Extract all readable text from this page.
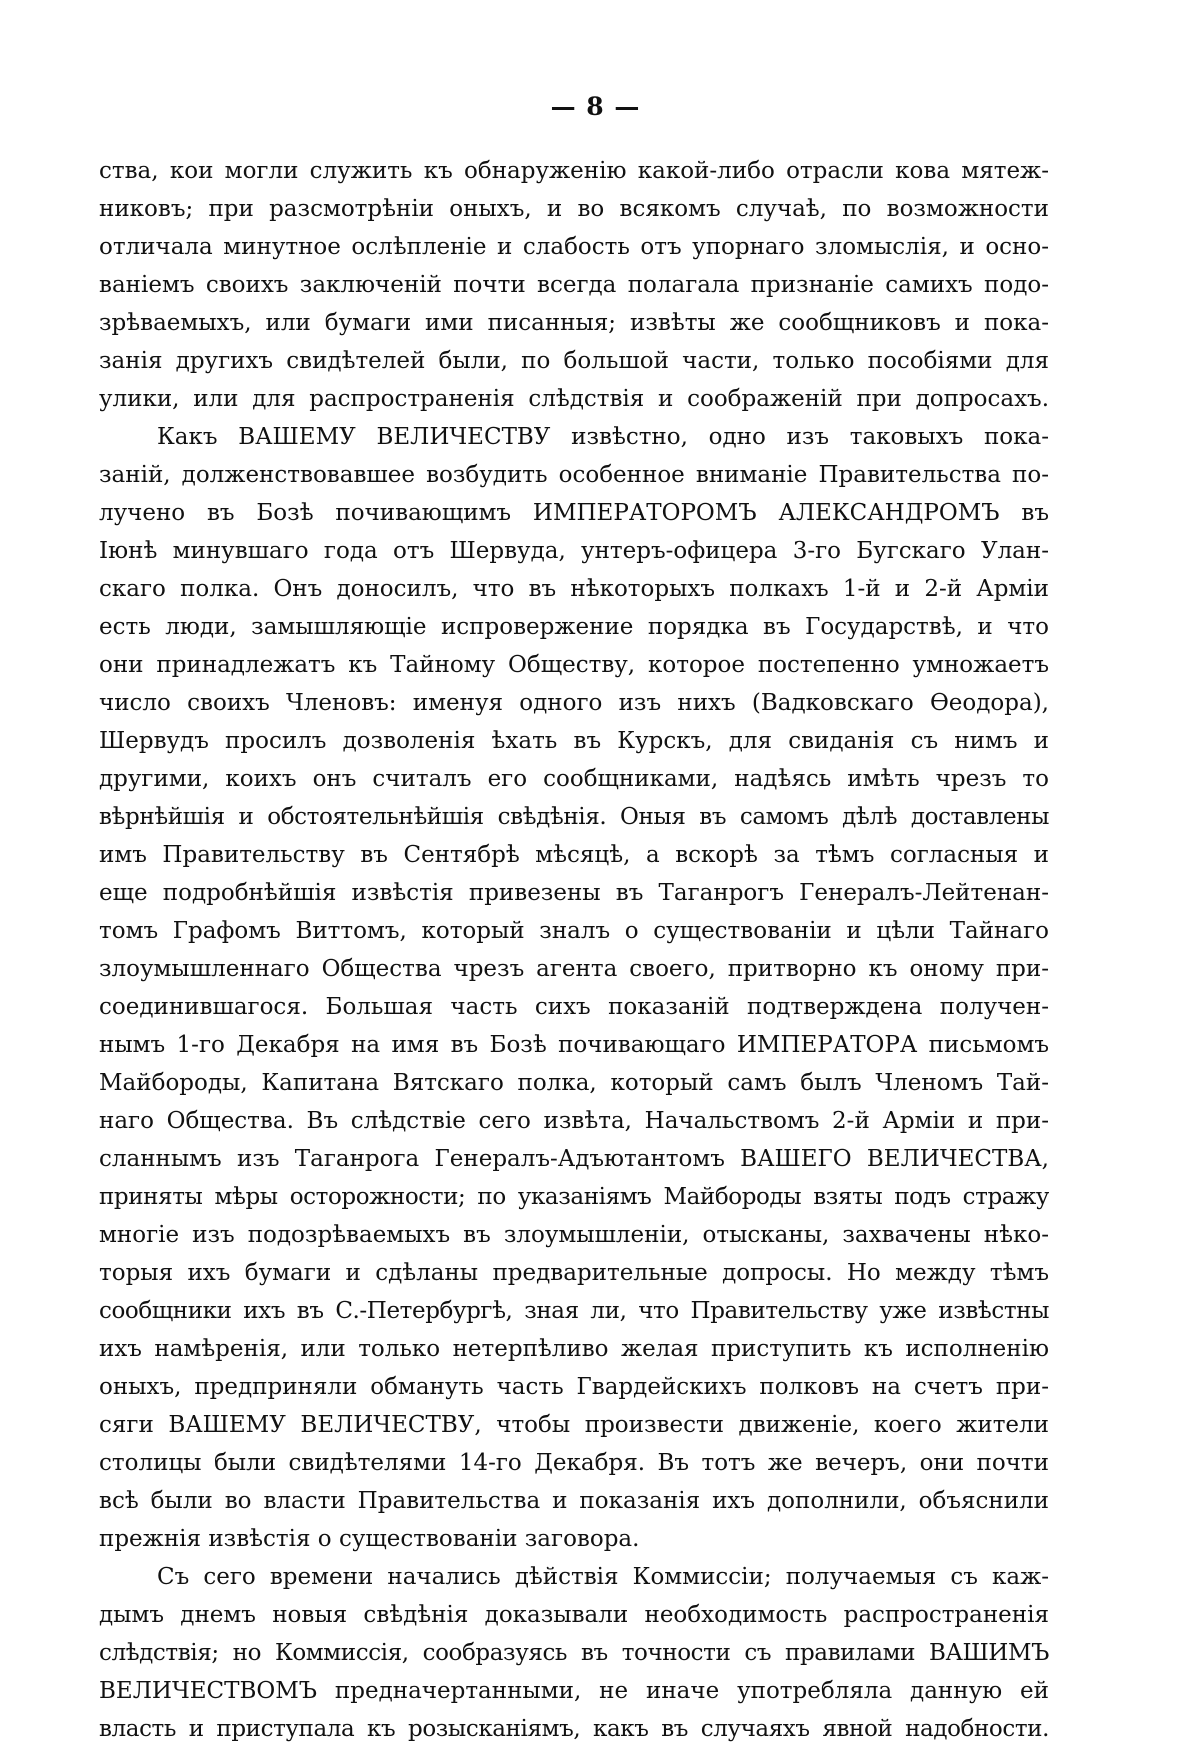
— 8 —
ства, кои могли служить къ обнаруженію какой-либо отрасли кова мятеж-
никовъ; при разсмотрѣніи оныхъ, и во всякомъ случаѣ, по возможности
отличала минутное ослѣпленіе и слабость отъ упорнаго зломыслія, и осно-
ваніемъ своихъ заключеній почти всегда полагала признаніе самихъ подо-
зрѣваемыхъ, или бумаги ими писанныя; извѣты же сообщниковъ и пока-
занія другихъ свидѣтелей были, по большой части, только пособіями для
улики, или для распространенія слѣдствія и соображеній при допросахъ.
Какъ ВАШЕМУ ВЕЛИЧЕСТВУ извѣстно, одно изъ таковыхъ пока-
заній, долженствовавшее возбудить особенное вниманіе Правительства по-
лучено въ Бозѣ почивающимъ ИМПЕРАТОРОМЪ АЛЕКСАНДРОМЪ въ
Іюнѣ минувшаго года отъ Шервуда, унтеръ-офицера 3-го Бугскаго Улан-
скаго полка. Онъ доносилъ, что въ нѣкоторыхъ полкахъ 1-й и 2-й Арміи
есть люди, замышляющіе испровержение порядка въ Государствѣ, и что
они принадлежатъ къ Тайному Обществу, которое постепенно умножаетъ
число своихъ Членовъ: именуя одного изъ нихъ (Вадковскаго Ѳеодора),
Шервудъ просилъ дозволенія ѣхать въ Курскъ, для свиданія съ нимъ и
другими, коихъ онъ считалъ его сообщниками, надѣясь имѣть чрезъ то
вѣрнѣйшія и обстоятельнѣйшія свѣдѣнія. Оныя въ самомъ дѣлѣ доставлены
имъ Правительству въ Сентябрѣ мѣсяцѣ, а вскорѣ за тѣмъ согласныя и
еще подробнѣйшія извѣстія привезены въ Таганрогъ Генералъ-Лейтенан-
томъ Графомъ Виттомъ, который зналъ о существованіи и цѣли Тайнаго
злоумышленнаго Общества чрезъ агента своего, притворно къ оному при-
соединившагося. Большая часть сихъ показаній подтверждена получен-
нымъ 1-го Декабря на имя въ Бозѣ почивающаго ИМПЕРАТОРА письмомъ
Майбороды, Капитана Вятскаго полка, который самъ былъ Членомъ Тай-
наго Общества. Въ слѣдствіе сего извѣта, Начальствомъ 2-й Арміи и при-
сланнымъ изъ Таганрога Генералъ-Адъютантомъ ВАШЕГО ВЕЛИЧЕСТВА,
приняты мѣры осторожности; по указаніямъ Майбороды взяты подъ стражу
многіе изъ подозрѣваемыхъ въ злоумышленіи, отысканы, захвачены нѣко-
торыя ихъ бумаги и сдѣланы предварительные допросы. Но между тѣмъ
сообщники ихъ въ С.-Петербургѣ, зная ли, что Правительству уже извѣстны
ихъ намѣренія, или только нетерпѣливо желая приступить къ исполненію
оныхъ, предприняли обмануть часть Гвардейскихъ полковъ на счетъ при-
сяги ВАШЕМУ ВЕЛИЧЕСТВУ, чтобы произвести движеніе, коего жители
столицы были свидѣтелями 14-го Декабря. Въ тотъ же вечеръ, они почти
всѣ были во власти Правительства и показанія ихъ дополнили, объяснили
прежнія извѣстія о существованіи заговора.
Съ сего времени начались дѣйствія Коммиссіи; получаемыя съ каж-
дымъ днемъ новыя свѣдѣнія доказывали необходимость распространенія
слѣдствія; но Коммиссія, сообразуясь въ точности съ правилами ВАШИМЪ
ВЕЛИЧЕСТВОМЪ предначертанными, не иначе употребляла данную ей
власть и приступала къ розысканіямъ, какъ въ случаяхъ явной надобности.
